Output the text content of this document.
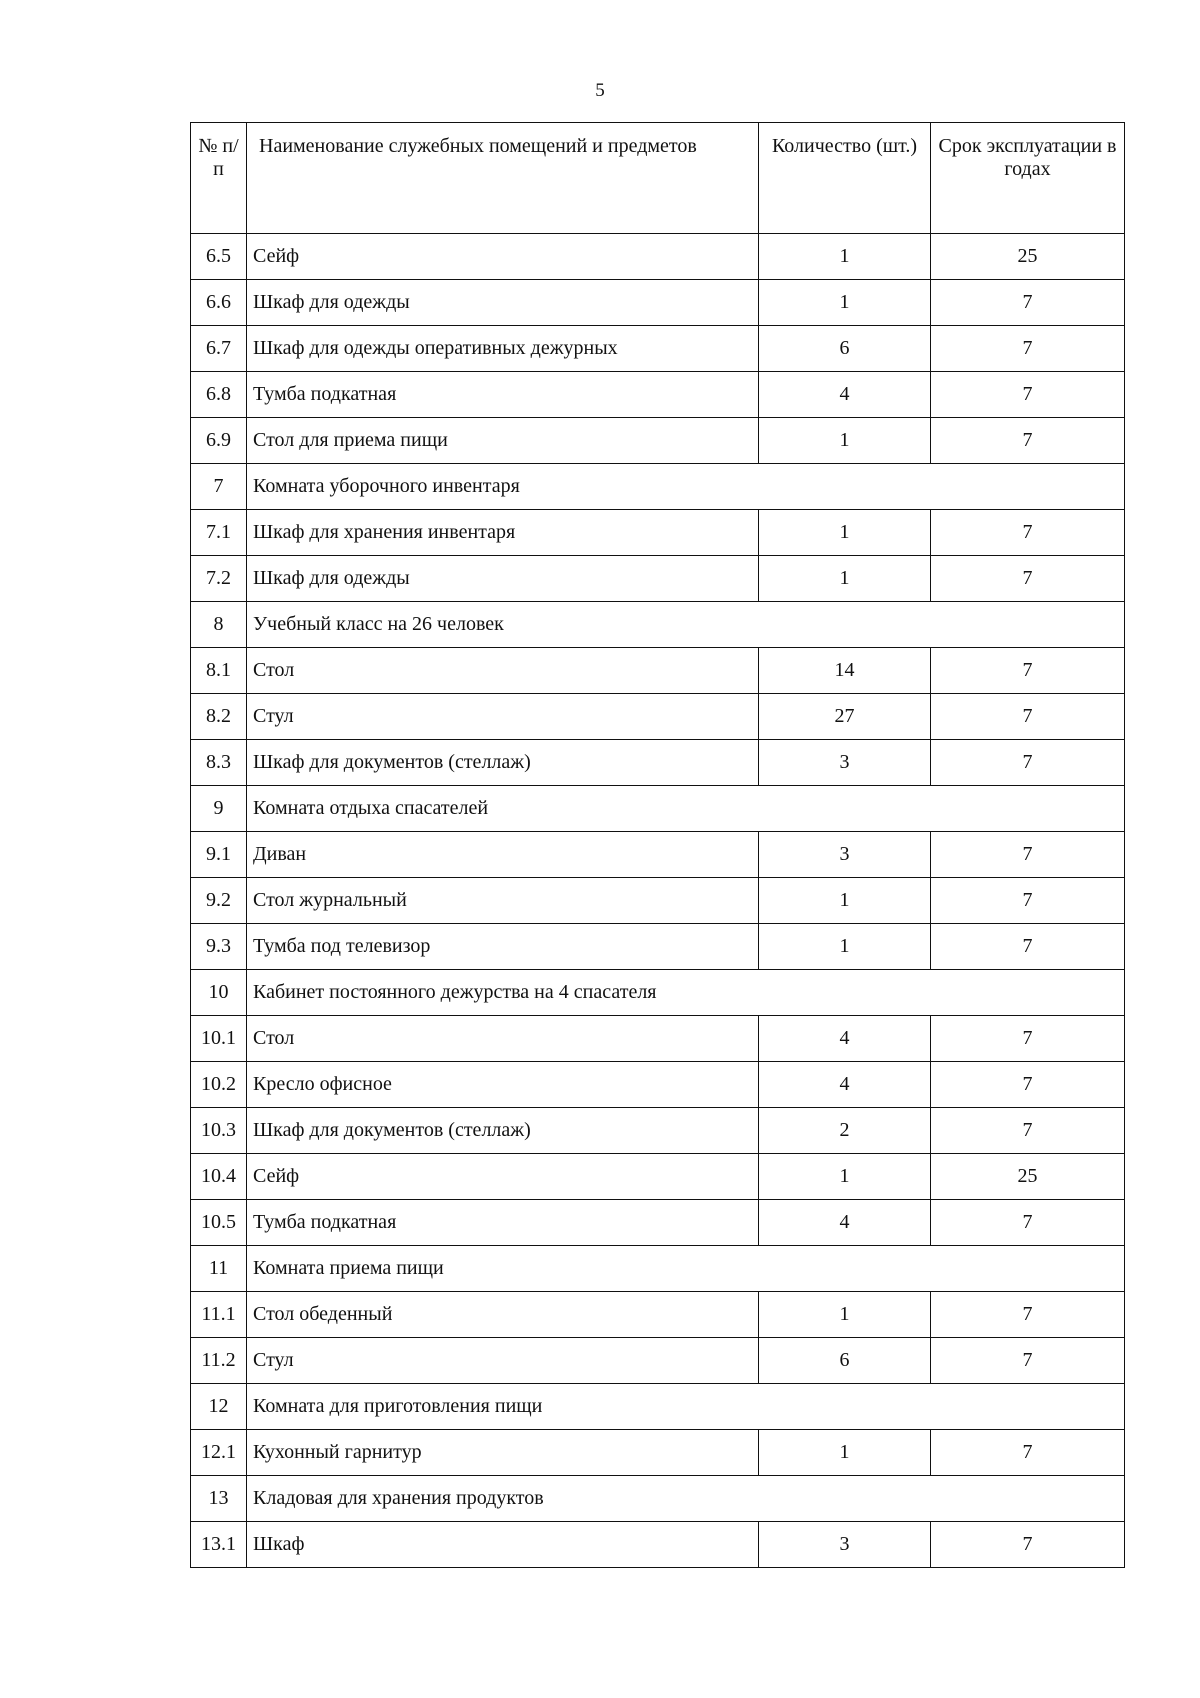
5
№ п/п	Наименование служебных помещений и предметов	Количество (шт.)	Срок эксплуатации в годах
6.5	Сейф	1	25
6.6	Шкаф для одежды	1	7
6.7	Шкаф для одежды оперативных дежурных	6	7
6.8	Тумба подкатная	4	7
6.9	Стол для приема пищи	1	7
7	Комната уборочного инвентаря		
7.1	Шкаф для хранения инвентаря	1	7
7.2	Шкаф для одежды	1	7
8	Учебный класс на 26 человек		
8.1	Стол	14	7
8.2	Стул	27	7
8.3	Шкаф для документов (стеллаж)	3	7
9	Комната отдыха спасателей		
9.1	Диван	3	7
9.2	Стол журнальный	1	7
9.3	Тумба под телевизор	1	7
10	Кабинет постоянного дежурства на 4 спасателя		
10.1	Стол	4	7
10.2	Кресло офисное	4	7
10.3	Шкаф для документов (стеллаж)	2	7
10.4	Сейф	1	25
10.5	Тумба подкатная	4	7
11	Комната приема пищи		
11.1	Стол обеденный	1	7
11.2	Стул	6	7
12	Комната для приготовления пищи		
12.1	Кухонный гарнитур	1	7
13	Кладовая для хранения продуктов		
13.1	Шкаф	3	7
